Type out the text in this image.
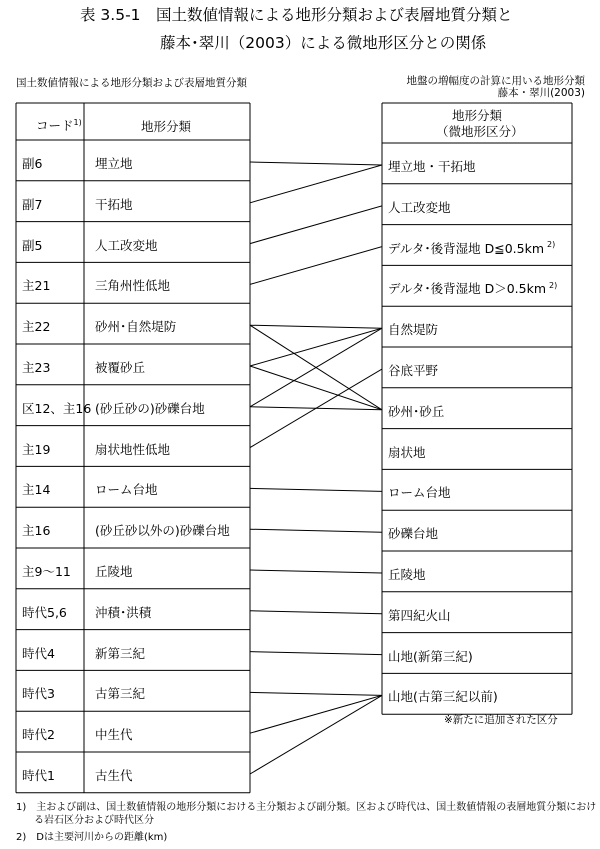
表 3.5-1　国土数値情報による地形分類および表層地質分類と
藤本･翠川（2003）による微地形区分との関係
国土数値情報による地形分類および表層地質分類	地盤の増幅度の計算に用いる地形分類
藤本・翠川(2003)
コード$^{1)}$	地形分類
地形分類
（微地形区分）
副6	埋立地
副7	干拓地
副5	人工改変地
主21	三角州性低地
主22	砂州･自然堤防
主23	被覆砂丘
区12、主16 (砂丘砂の)砂礫台地
主19	扇状地性低地
主14	ローム台地
主16	(砂丘砂以外の)砂礫台地
主9〜11 丘陵地
時代5,6 沖積･洪積
時代4	新第三紀
時代3	古第三紀
時代2	中生代
時代1	古生代
埋立地・干拓地
人工改変地
デルタ･後背湿地 D≦0.5km $^{2)}$
デルタ･後背湿地 D＞0.5km $^{2)}$
自然堤防
谷底平野
砂州･砂丘
扇状地
ローム台地
砂礫台地
丘陵地
第四紀火山
山地(新第三紀)
山地(古第三紀以前)
※新たに追加された区分
1)　主および副は、国土数値情報の地形分類における主分類および副分類。区および時代は、国土数値情報の表層地質分類における岩石区分および時代区分
2)　Dは主要河川からの距離(km)
